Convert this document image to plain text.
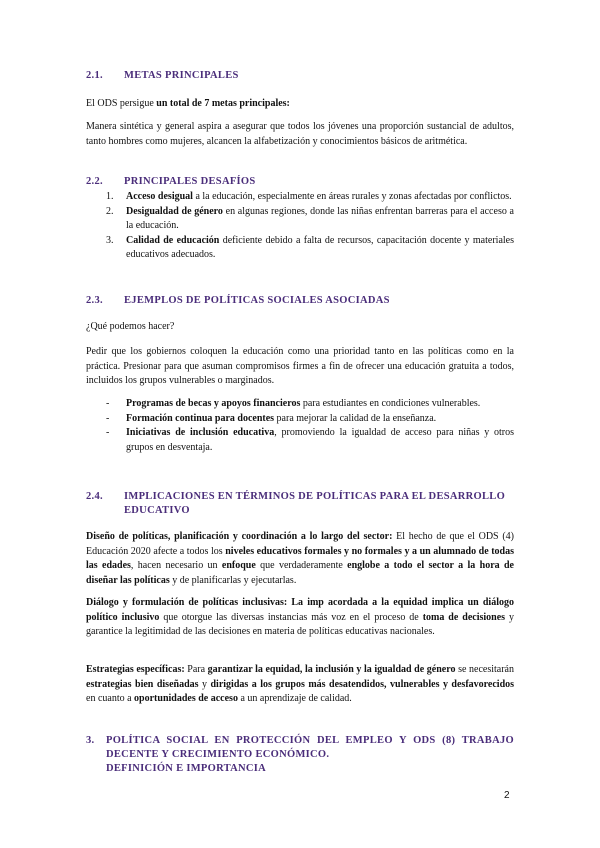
2.1. METAS PRINCIPALES

El ODS persigue un total de 7 metas principales:

Manera sintética y general aspira a asegurar que todos los jóvenes una proporción sustancial de adultos, tanto hombres como mujeres, alcancen la alfabetización y conocimientos básicos de aritmética.

2.2. PRINCIPALES DESAFÍOS
1. Acceso desigual a la educación, especialmente en áreas rurales y zonas afectadas por conflictos.
2. Desigualdad de género en algunas regiones, donde las niñas enfrentan barreras para el acceso a la educación.
3. Calidad de educación deficiente debido a falta de recursos, capacitación docente y materiales educativos adecuados.
2.3. EJEMPLOS DE POLÍTICAS SOCIALES ASOCIADAS

¿Qué podemos hacer?

Pedir que los gobiernos coloquen la educación como una prioridad tanto en las políticas como en la práctica. Presionar para que asuman compromisos firmes a fin de ofrecer una educación gratuita a todos, incluidos los grupos vulnerables o marginados.

- Programas de becas y apoyos financieros para estudiantes en condiciones vulnerables.
- Formación continua para docentes para mejorar la calidad de la enseñanza.
- Iniciativas de inclusión educativa, promoviendo la igualdad de acceso para niñas y otros grupos en desventaja.
2.4.	IMPLICACIONES EN TÉRMINOS DE POLÍTICAS PARA EL DESARROLLO EDUCATIVO

Diseño de políticas, planificación y coordinación a lo largo del sector: El hecho de que el ODS (4) Educación 2020 afecte a todos los niveles educativos formales y no formales y a un alumnado de todas las edades, hacen necesario un enfoque que verdaderamente englobe a todo el sector a la hora de diseñar las políticas y de planificarlas y ejecutarlas.

Diálogo y formulación de políticas inclusivas: La imp acordada a la equidad implica un diálogo político inclusivo que otorgue las diversas instancias más voz en el proceso de toma de decisiones y garantice la legitimidad de las decisiones en materia de políticas educativas nacionales.

Estrategias específicas: Para garantizar la equidad, la inclusión y la igualdad de género se necesitarán estrategias bien diseñadas y dirigidas a los grupos más desatendidos, vulnerables y desfavorecidos en cuanto a oportunidades de acceso a un aprendizaje de calidad.

3.	POLÍTICA SOCIAL EN PROTECCIÓN DEL EMPLEO Y ODS (8) TRABAJO DECENTE Y CRECIMIENTO ECONÓMICO.
DEFINICIÓN E IMPORTANCIA
2
